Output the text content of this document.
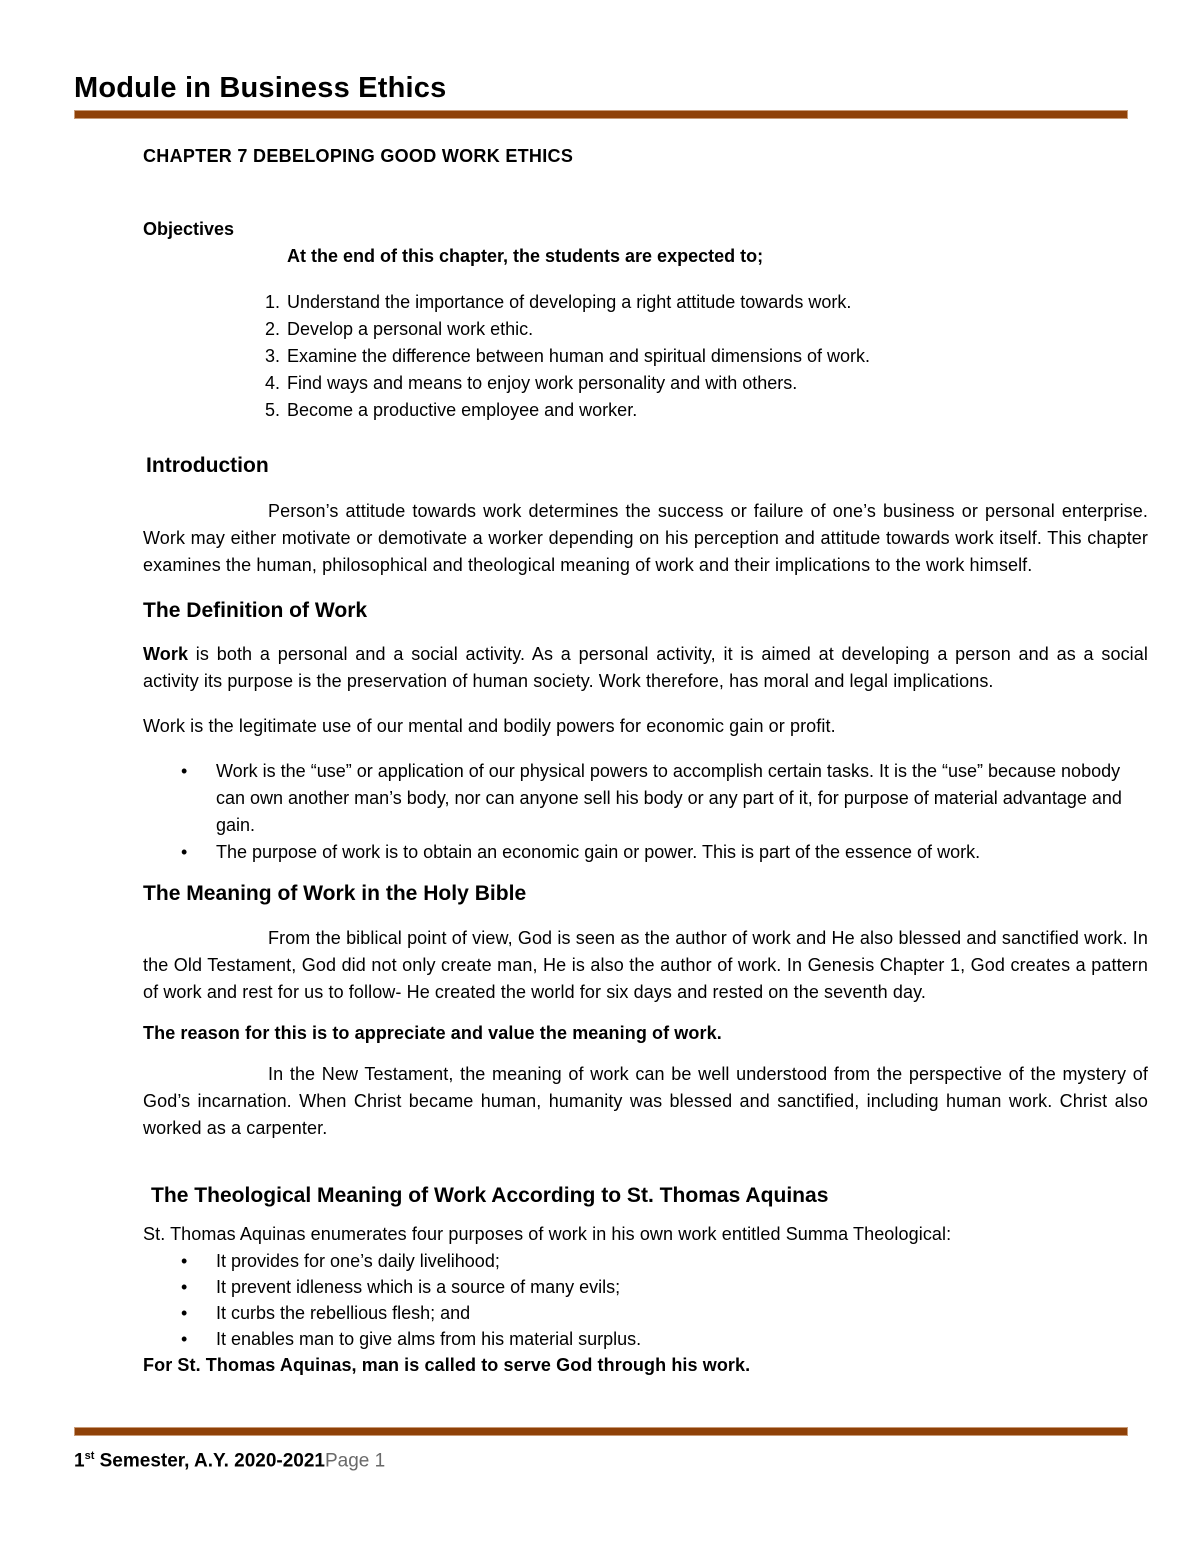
Module in Business Ethics

CHAPTER 7 DEBELOPING GOOD WORK ETHICS

Objectives

At the end of this chapter, the students are expected to;

Understand the importance of developing a right attitude towards work.
Develop a personal work ethic.
Examine the difference between human and spiritual dimensions of work.
Find ways and means to enjoy work personality and with others.
Become a productive employee and worker.
Introduction

Person’s attitude towards work determines the success or failure of one’s business or personal enterprise. Work may either motivate or demotivate a worker depending on his perception and attitude towards work itself. This chapter examines the human, philosophical and theological meaning of work and their implications to the work himself.

The Definition of Work

Work is both a personal and a social activity. As a personal activity, it is aimed at developing a person and as a social activity its purpose is the preservation of human society. Work therefore, has moral and legal implications.

Work is the legitimate use of our mental and bodily powers for economic gain or profit.

• Work is the “use” or application of our physical powers to accomplish certain tasks. It is the “use” because nobody can own another man’s body, nor can anyone sell his body or any part of it, for purpose of material advantage and gain.
• The purpose of work is to obtain an economic gain or power. This is part of the essence of work.
The Meaning of Work in the Holy Bible

From the biblical point of view, God is seen as the author of work and He also blessed and sanctified work. In the Old Testament, God did not only create man, He is also the author of work. In Genesis Chapter 1, God creates a pattern of work and rest for us to follow- He created the world for six days and rested on the seventh day.

The reason for this is to appreciate and value the meaning of work.

In the New Testament, the meaning of work can be well understood from the perspective of the mystery of God’s incarnation. When Christ became human, humanity was blessed and sanctified, including human work. Christ also worked as a carpenter.

The Theological Meaning of Work According to St. Thomas Aquinas

St. Thomas Aquinas enumerates four purposes of work in his own work entitled Summa Theological:

• It provides for one’s daily livelihood;
• It prevent idleness which is a source of many evils;
• It curbs the rebellious flesh; and
• It enables man to give alms from his material surplus.

For St. Thomas Aquinas, man is called to serve God through his work.

1st Semester, A.Y. 2020-2021Page 1
